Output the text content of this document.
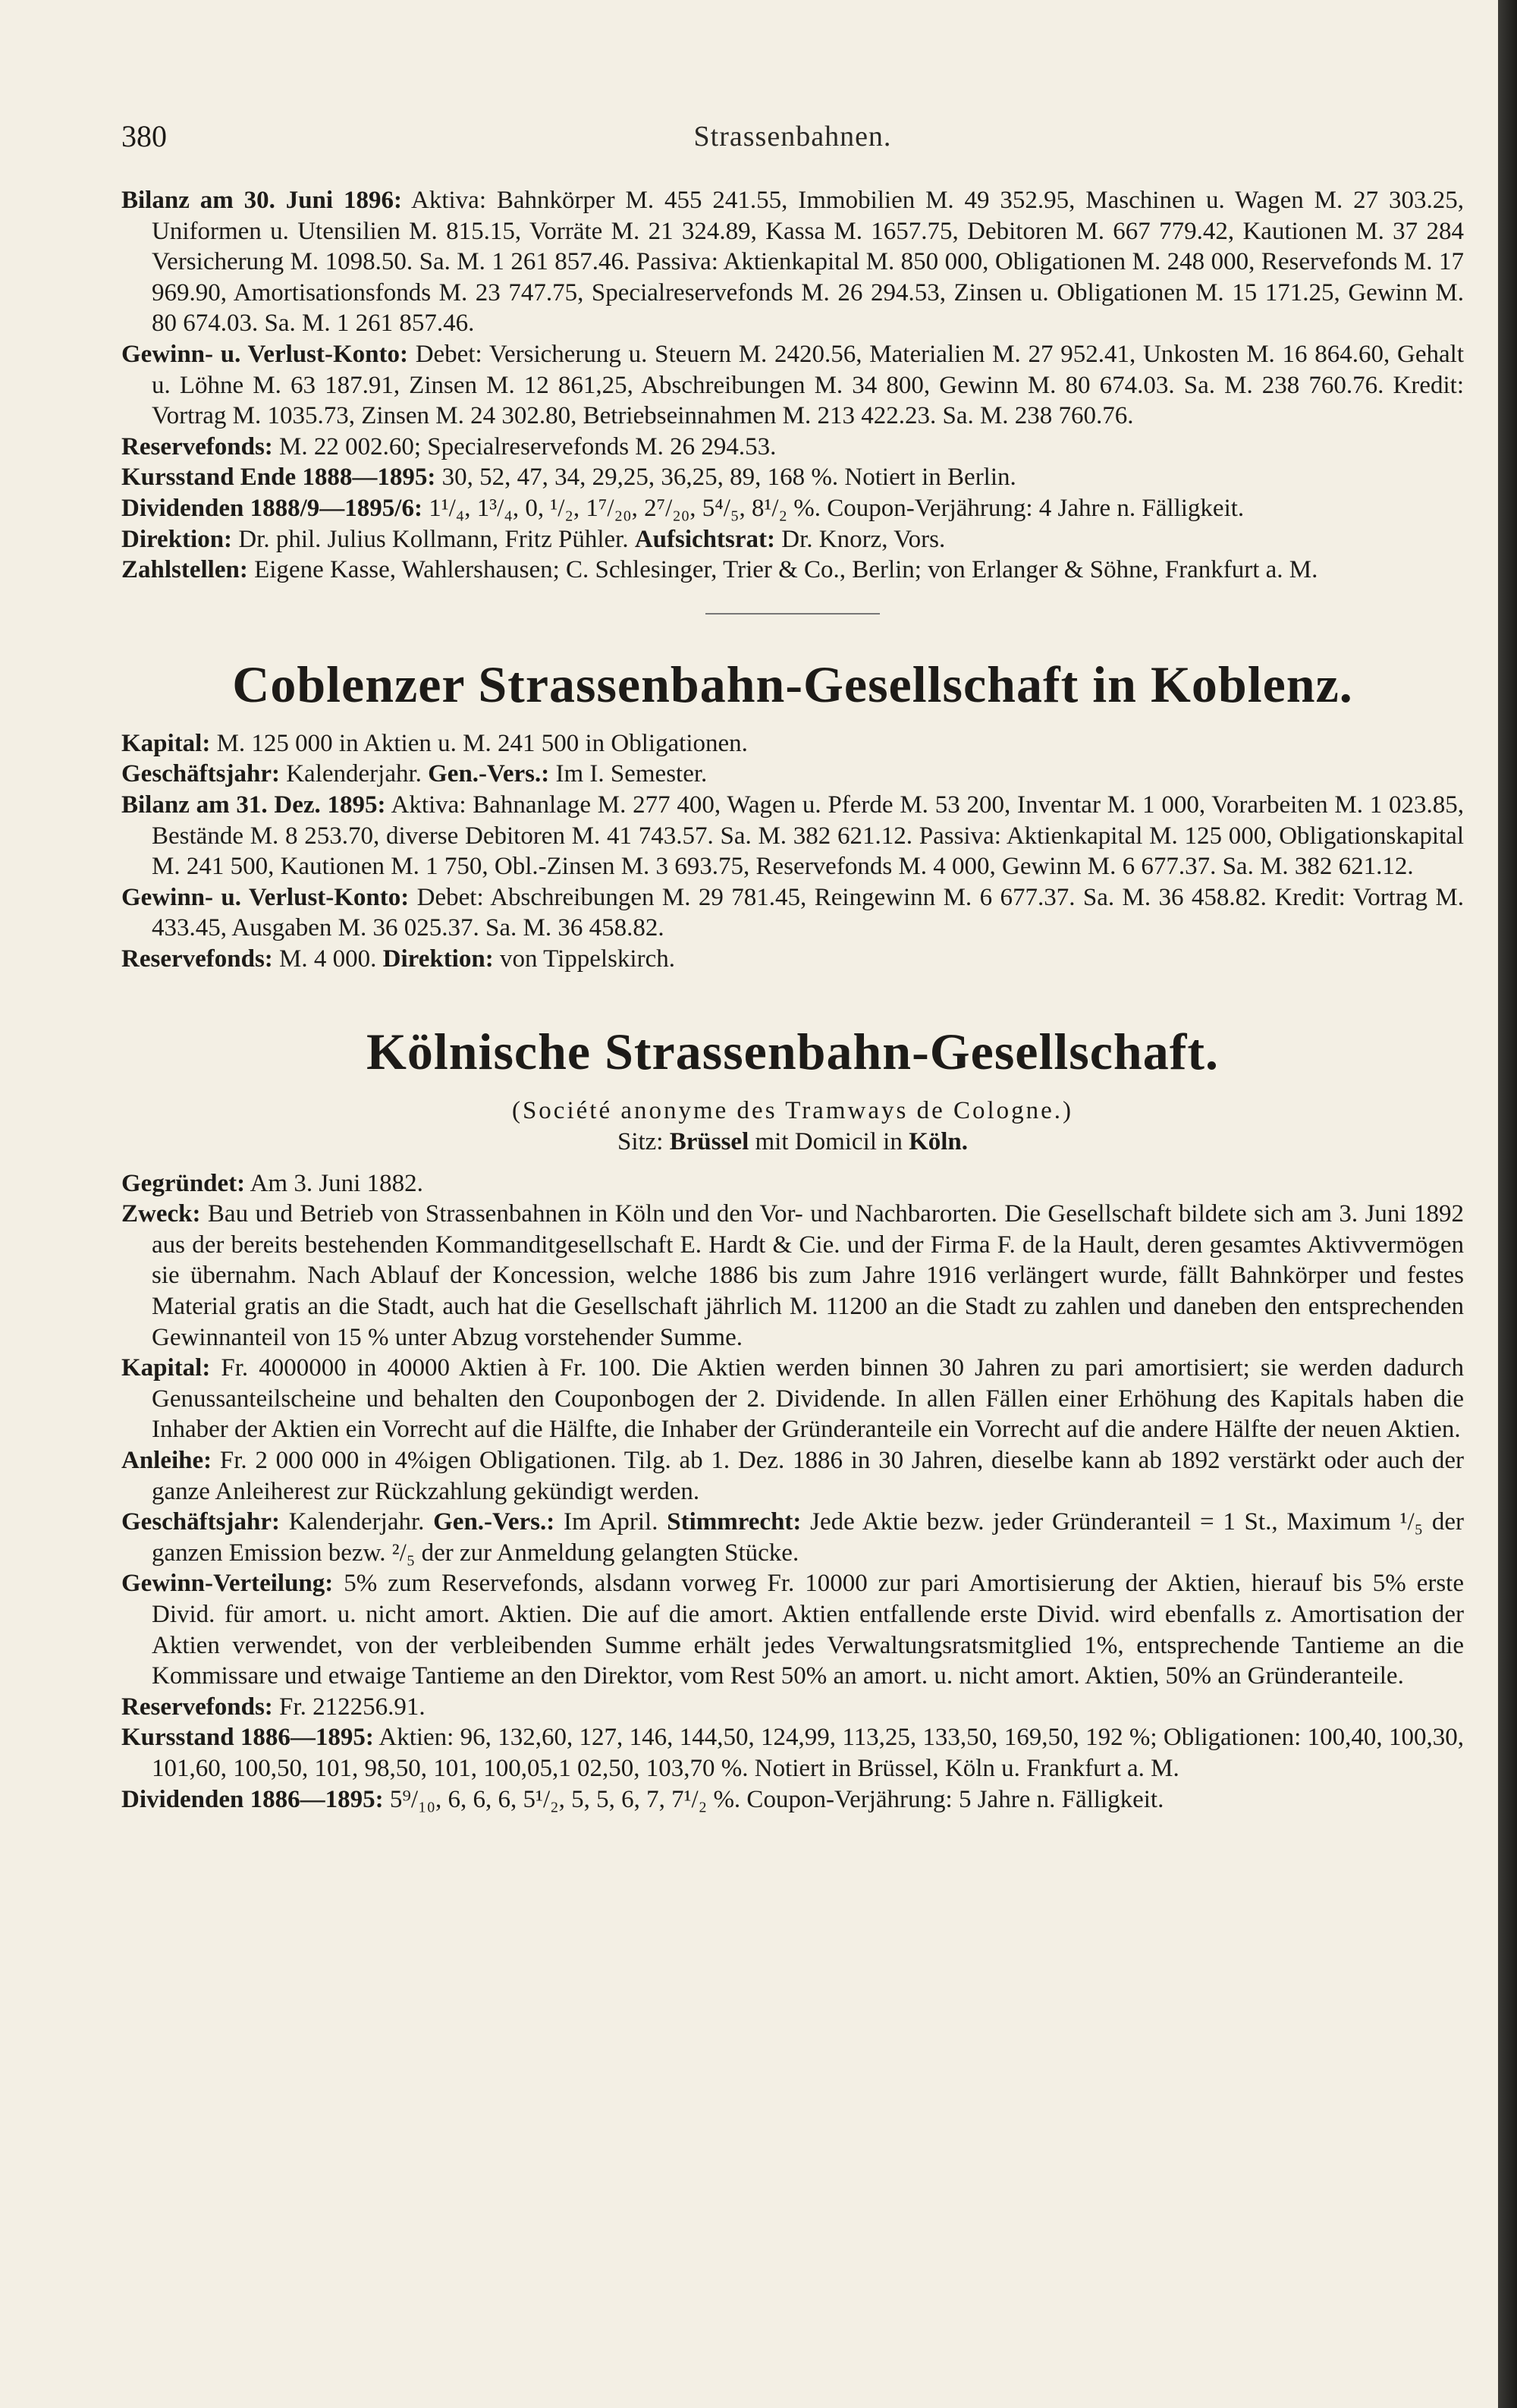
380	Strassenbahnen.

Bilanz am 30. Juni 1896: Aktiva: Bahnkörper M. 455 241.55, Immobilien M. 49 352.95, Maschinen u. Wagen M. 27 303.25, Uniformen u. Utensilien M. 815.15, Vorräte M. 21 324.89, Kassa M. 1657.75, Debitoren M. 667 779.42, Kautionen M. 37 284 Versicherung M. 1098.50. Sa. M. 1 261 857.46. Passiva: Aktienkapital M. 850 000, Obligationen M. 248 000, Reservefonds M. 17 969.90, Amortisationsfonds M. 23 747.75, Specialreservefonds M. 26 294.53, Zinsen u. Obligationen M. 15 171.25, Gewinn M. 80 674.03. Sa. M. 1 261 857.46.

Gewinn- u. Verlust-Konto: Debet: Versicherung u. Steuern M. 2420.56, Materialien M. 27 952.41, Unkosten M. 16 864.60, Gehalt u. Löhne M. 63 187.91, Zinsen M. 12 861,25, Abschreibungen M. 34 800, Gewinn M. 80 674.03. Sa. M. 238 760.76. Kredit: Vortrag M. 1035.73, Zinsen M. 24 302.80, Betriebseinnahmen M. 213 422.23. Sa. M. 238 760.76.

Reservefonds: M. 22 002.60; Specialreservefonds M. 26 294.53.

Kursstand Ende 1888—1895: 30, 52, 47, 34, 29,25, 36,25, 89, 168 %. Notiert in Berlin.

Dividenden 1888/9—1895/6: 1¹/₄, 1³/₄, 0, ¹/₂, 1⁷/₂₀, 2⁷/₂₀, 5⁴/₅, 8¹/₂ %. Coupon-Verjährung: 4 Jahre n. Fälligkeit.

Direktion: Dr. phil. Julius Kollmann, Fritz Pühler. Aufsichtsrat: Dr. Knorz, Vors.

Zahlstellen: Eigene Kasse, Wahlershausen; C. Schlesinger, Trier & Co., Berlin; von Erlanger & Söhne, Frankfurt a. M.

Coblenzer Strassenbahn-Gesellschaft in Koblenz.

Kapital: M. 125 000 in Aktien u. M. 241 500 in Obligationen.

Geschäftsjahr: Kalenderjahr. Gen.-Vers.: Im I. Semester.

Bilanz am 31. Dez. 1895: Aktiva: Bahnanlage M. 277 400, Wagen u. Pferde M. 53 200, Inventar M. 1 000, Vorarbeiten M. 1 023.85, Bestände M. 8 253.70, diverse Debitoren M. 41 743.57. Sa. M. 382 621.12. Passiva: Aktienkapital M. 125 000, Obligationskapital M. 241 500, Kautionen M. 1 750, Obl.-Zinsen M. 3 693.75, Reservefonds M. 4 000, Gewinn M. 6 677.37. Sa. M. 382 621.12.

Gewinn- u. Verlust-Konto: Debet: Abschreibungen M. 29 781.45, Reingewinn M. 6 677.37. Sa. M. 36 458.82. Kredit: Vortrag M. 433.45, Ausgaben M. 36 025.37. Sa. M. 36 458.82.

Reservefonds: M. 4 000. Direktion: von Tippelskirch.

Kölnische Strassenbahn-Gesellschaft.

(Société anonyme des Tramways de Cologne.)

Sitz: Brüssel mit Domicil in Köln.

Gegründet: Am 3. Juni 1882.

Zweck: Bau und Betrieb von Strassenbahnen in Köln und den Vor- und Nachbarorten. Die Gesellschaft bildete sich am 3. Juni 1892 aus der bereits bestehenden Kommanditgesellschaft E. Hardt & Cie. und der Firma F. de la Hault, deren gesamtes Aktivvermögen sie übernahm. Nach Ablauf der Koncession, welche 1886 bis zum Jahre 1916 verlängert wurde, fällt Bahnkörper und festes Material gratis an die Stadt, auch hat die Gesellschaft jährlich M. 11200 an die Stadt zu zahlen und daneben den entsprechenden Gewinnanteil von 15 % unter Abzug vorstehender Summe.

Kapital: Fr. 4000000 in 40000 Aktien à Fr. 100. Die Aktien werden binnen 30 Jahren zu pari amortisiert; sie werden dadurch Genussanteilscheine und behalten den Couponbogen der 2. Dividende. In allen Fällen einer Erhöhung des Kapitals haben die Inhaber der Aktien ein Vorrecht auf die Hälfte, die Inhaber der Gründeranteile ein Vorrecht auf die andere Hälfte der neuen Aktien.

Anleihe: Fr. 2 000 000 in 4%igen Obligationen. Tilg. ab 1. Dez. 1886 in 30 Jahren, dieselbe kann ab 1892 verstärkt oder auch der ganze Anleiherest zur Rückzahlung gekündigt werden.

Geschäftsjahr: Kalenderjahr. Gen.-Vers.: Im April. Stimmrecht: Jede Aktie bezw. jeder Gründeranteil = 1 St., Maximum ¹/₅ der ganzen Emission bezw. ²/₅ der zur Anmeldung gelangten Stücke.

Gewinn-Verteilung: 5% zum Reservefonds, alsdann vorweg Fr. 10000 zur pari Amortisierung der Aktien, hierauf bis 5% erste Divid. für amort. u. nicht amort. Aktien. Die auf die amort. Aktien entfallende erste Divid. wird ebenfalls z. Amortisation der Aktien verwendet, von der verbleibenden Summe erhält jedes Verwaltungsratsmitglied 1%, entsprechende Tantieme an die Kommissare und etwaige Tantieme an den Direktor, vom Rest 50% an amort. u. nicht amort. Aktien, 50% an Gründeranteile.

Reservefonds: Fr. 212256.91.

Kursstand 1886—1895: Aktien: 96, 132,60, 127, 146, 144,50, 124,99, 113,25, 133,50, 169,50, 192 %; Obligationen: 100,40, 100,30, 101,60, 100,50, 101, 98,50, 101, 100,05,1 02,50, 103,70 %. Notiert in Brüssel, Köln u. Frankfurt a. M.

Dividenden 1886—1895: 5⁹/₁₀, 6, 6, 6, 5¹/₂, 5, 5, 6, 7, 7¹/₂ %. Coupon-Verjährung: 5 Jahre n. Fälligkeit.
